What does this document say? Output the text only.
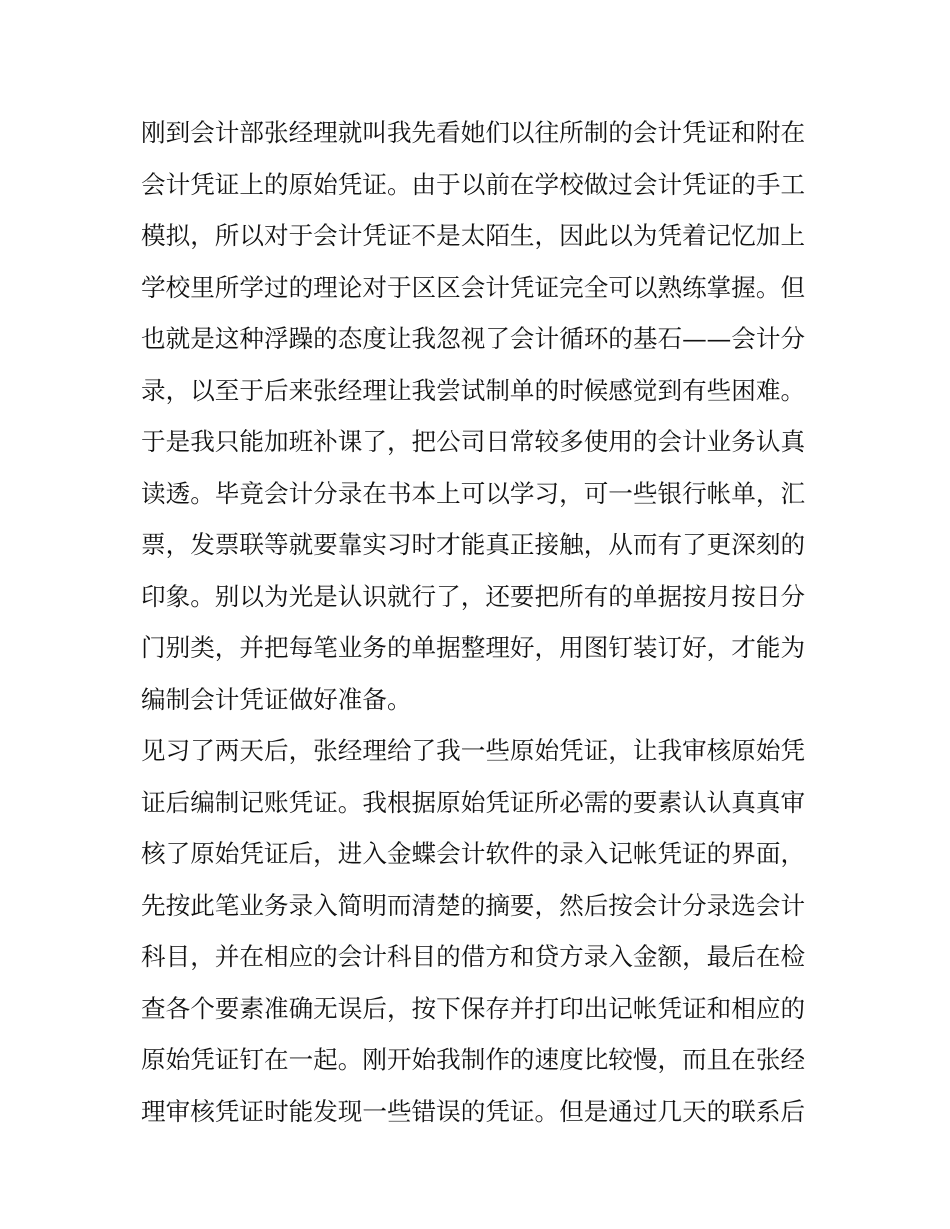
刚到会计部张经理就叫我先看她们以往所制的会计凭证和附在
会计凭证上的原始凭证。由于以前在学校做过会计凭证的手工
模拟，所以对于会计凭证不是太陌生，因此以为凭着记忆加上
学校里所学过的理论对于区区会计凭证完全可以熟练掌握。但
也就是这种浮躁的态度让我忽视了会计循环的基石——会计分
录，以至于后来张经理让我尝试制单的时候感觉到有些困难。
于是我只能加班补课了，把公司日常较多使用的会计业务认真
读透。毕竟会计分录在书本上可以学习，可一些银行帐单，汇
票，发票联等就要靠实习时才能真正接触，从而有了更深刻的
印象。别以为光是认识就行了，还要把所有的单据按月按日分
门别类，并把每笔业务的单据整理好，用图钉装订好，才能为
编制会计凭证做好准备。
见习了两天后，张经理给了我一些原始凭证，让我审核原始凭
证后编制记账凭证。我根据原始凭证所必需的要素认认真真审
核了原始凭证后，进入金蝶会计软件的录入记帐凭证的界面，
先按此笔业务录入简明而清楚的摘要，然后按会计分录选会计
科目，并在相应的会计科目的借方和贷方录入金额，最后在检
查各个要素准确无误后，按下保存并打印出记帐凭证和相应的
原始凭证钉在一起。刚开始我制作的速度比较慢，而且在张经
理审核凭证时能发现一些错误的凭证。但是通过几天的联系后
